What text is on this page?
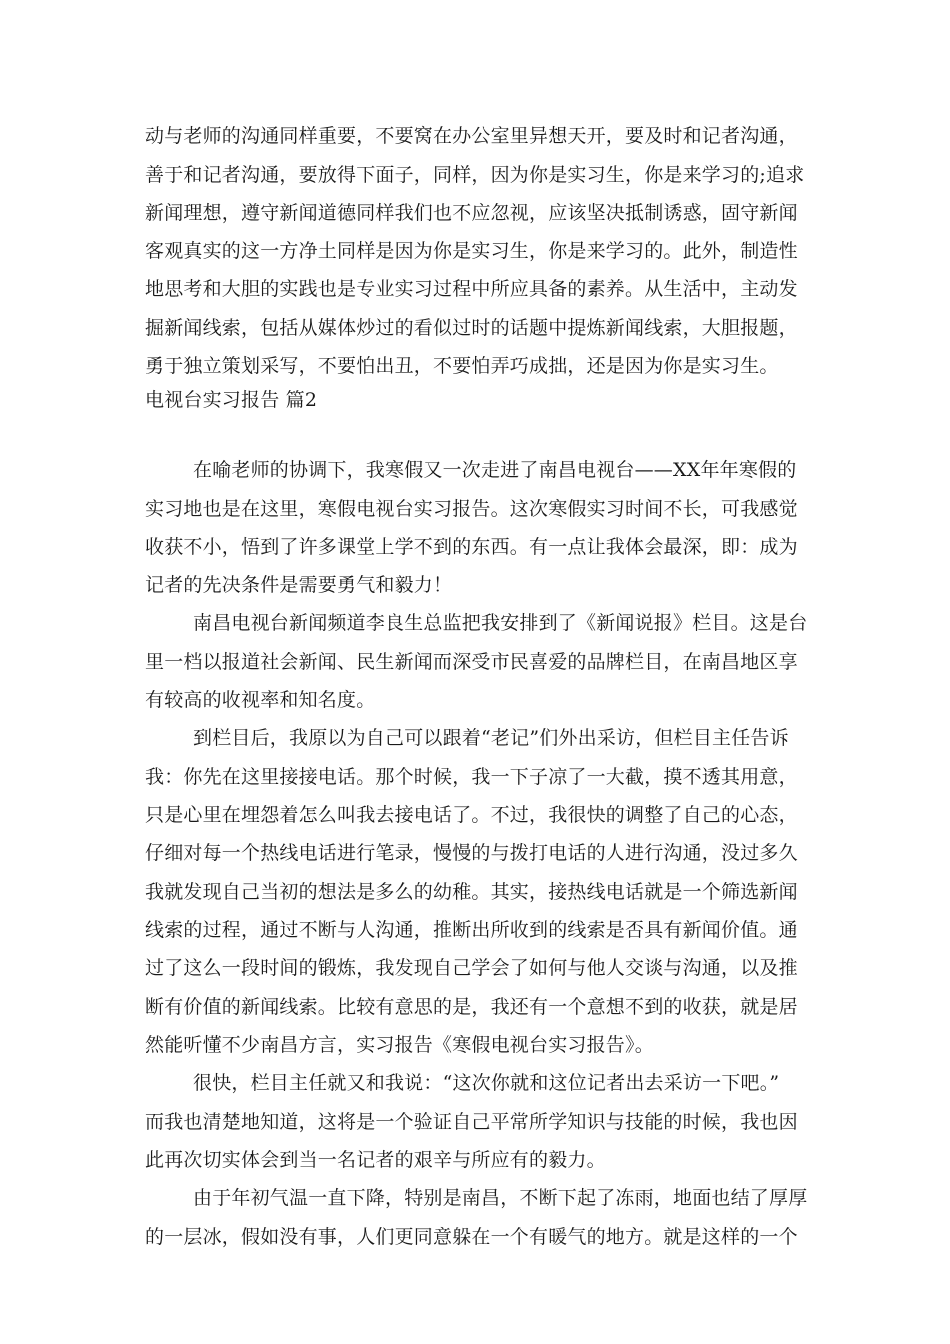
动与老师的沟通同样重要，不要窝在办公室里异想天开，要及时和记者沟通，
善于和记者沟通，要放得下面子，同样，因为你是实习生，你是来学习的;追求
新闻理想，遵守新闻道德同样我们也不应忽视，应该坚决抵制诱惑，固守新闻
客观真实的这一方净土同样是因为你是实习生，你是来学习的。此外，制造性
地思考和大胆的实践也是专业实习过程中所应具备的素养。从生活中，主动发
掘新闻线索，包括从媒体炒过的看似过时的话题中提炼新闻线索，大胆报题，
勇于独立策划采写，不要怕出丑，不要怕弄巧成拙，还是因为你是实习生。
电视台实习报告 篇2
在喻老师的协调下，我寒假又一次走进了南昌电视台——XX年年寒假的
实习地也是在这里，寒假电视台实习报告。这次寒假实习时间不长，可我感觉
收获不小，悟到了许多课堂上学不到的东西。有一点让我体会最深，即：成为
记者的先决条件是需要勇气和毅力！
南昌电视台新闻频道李良生总监把我安排到了《新闻说报》栏目。这是台
里一档以报道社会新闻、民生新闻而深受市民喜爱的品牌栏目，在南昌地区享
有较高的收视率和知名度。
到栏目后，我原以为自己可以跟着“老记”们外出采访，但栏目主任告诉
我：你先在这里接接电话。那个时候，我一下子凉了一大截，摸不透其用意，
只是心里在埋怨着怎么叫我去接电话了。不过，我很快的调整了自己的心态，
仔细对每一个热线电话进行笔录，慢慢的与拨打电话的人进行沟通，没过多久
我就发现自己当初的想法是多么的幼稚。其实，接热线电话就是一个筛选新闻
线索的过程，通过不断与人沟通，推断出所收到的线索是否具有新闻价值。通
过了这么一段时间的锻炼，我发现自己学会了如何与他人交谈与沟通，以及推
断有价值的新闻线索。比较有意思的是，我还有一个意想不到的收获，就是居
然能听懂不少南昌方言，实习报告《寒假电视台实习报告》。
很快，栏目主任就又和我说：“这次你就和这位记者出去采访一下吧。”
而我也清楚地知道，这将是一个验证自己平常所学知识与技能的时候，我也因
此再次切实体会到当一名记者的艰辛与所应有的毅力。
由于年初气温一直下降，特别是南昌，不断下起了冻雨，地面也结了厚厚
的一层冰，假如没有事，人们更同意躲在一个有暖气的地方。就是这样的一个
